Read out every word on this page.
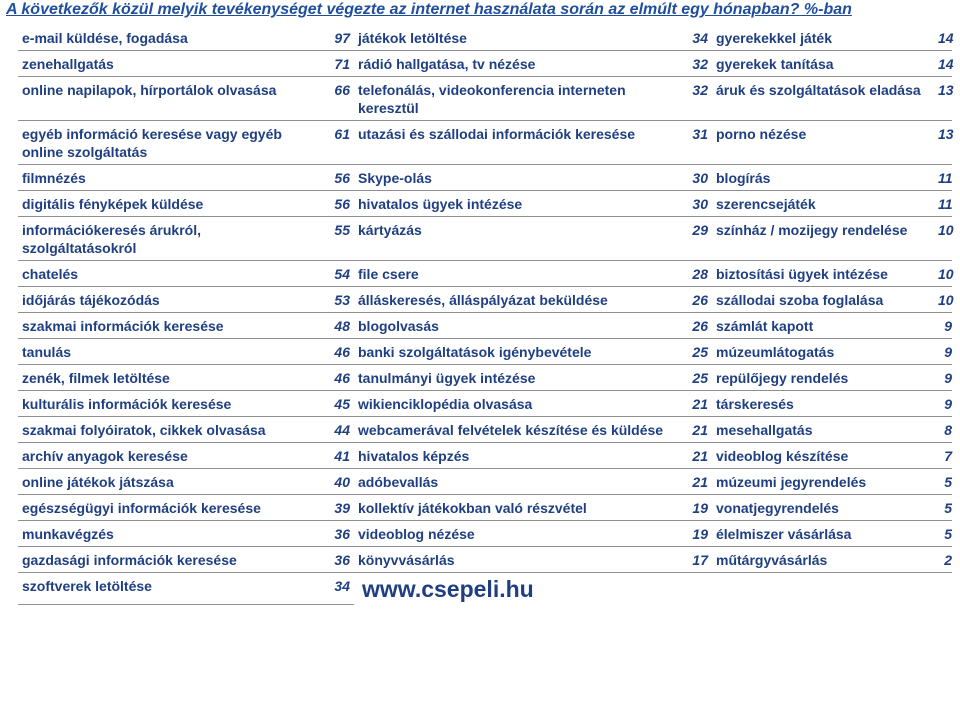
A következők közül melyik tevékenységet végezte az internet használata során az elmúlt egy hónapban? %-ban
e-mail küldése, fogadása	97	játékok letöltése	34	gyerekekkel játék	14
zenehallgatás	71	rádió hallgatása, tv nézése	32	gyerekek tanítása	14
online napilapok, hírportálok olvasása	66	telefonálás, videokonferencia interneten keresztül	32	áruk és szolgáltatások eladása	13
egyéb információ keresése vagy egyéb online szolgáltatás	61	utazási és szállodai információk keresése	31	porno nézése	13
filmnézés	56	Skype-olás	30	blogírás	11
digitális fényképek küldése	56	hivatalos ügyek intézése	30	szerencsejáték	11
információkeresés árukról, szolgáltatásokról	55	kártyázás	29	színház / mozijegy rendelése	10
chatelés	54	file csere	28	biztosítási ügyek intézése	10
időjárás tájékozódás	53	álláskeresés, álláspályázat beküldése	26	szállodai szoba foglalása	10
szakmai információk keresése	48	blogolvasás	26	számlát kapott	9
tanulás	46	banki szolgáltatások igénybevétele	25	múzeumlátogatás	9
zenék, filmek letöltése	46	tanulmányi ügyek intézése	25	repülőjegy rendelés	9
kulturális információk keresése	45	wikienciklopédia olvasása	21	társkeresés	9
szakmai folyóiratok, cikkek olvasása	44	webcamerával felvételek készítése és küldése	21	mesehallgatás	8
archív anyagok keresése	41	hivatalos képzés	21	videoblog készítése	7
online játékok játszása	40	adóbevallás	21	múzeumi jegyrendelés	5
egészségügyi információk keresése	39	kollektív játékokban való részvétel	19	vonatjegyrendelés	5
munkavégzés	36	videoblog nézése	19	élelmiszer vásárlása	5
gazdasági információk keresése	36	könyvvásárlás	17	műtárgyvásárlás	2
szoftverek letöltése	34	www.csepeli.hu			
